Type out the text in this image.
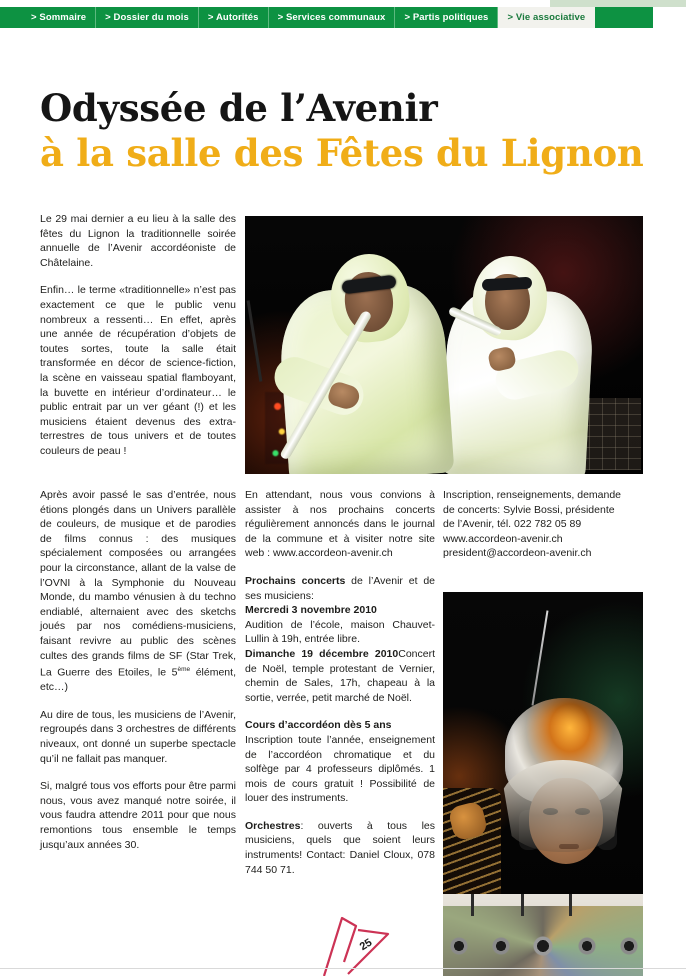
> Sommaire	> Dossier du mois	> Autorités	> Services communaux	> Partis politiques	> Vie associative
Odyssée de l’Avenir
à la salle des Fêtes du Lignon

Le 29 mai dernier a eu lieu à la salle des fêtes du Lignon la traditionnelle soirée annuelle de l’Avenir accordéoniste de Châtelaine.

Enfin… le terme «traditionnelle» n’est pas exactement ce que le public venu nombreux a ressenti… En effet, après une année de récupération d’objets de toutes sortes, toute la salle était transformée en décor de science-fiction, la scène en vaisseau spatial flamboyant, la buvette en intérieur d’ordinateur… le public entrait par un ver géant (!) et les musiciens étaient devenus des extra-terrestres de tous univers et de toutes couleurs de peau !

Après avoir passé le sas d’entrée, nous étions plongés dans un Univers parallèle de couleurs, de musique et de parodies de films connus : des musiques spécialement composées ou arrangées pour la circonstance, allant de la valse de l’OVNI à la Symphonie du Nouveau Monde, du mambo vénusien à du techno endiablé, alternaient avec des sketchs joués par nos comédiens-musiciens, faisant revivre au public des scènes cultes des grands films de SF (Star Trek, La Guerre des Etoiles, le 5ème élément, etc…)

Au dire de tous, les musiciens de l’Avenir, regroupés dans 3 orchestres de différents niveaux, ont donné un superbe spectacle qu’il ne fallait pas manquer.

Si, malgré tous vos efforts pour être parmi nous, vous avez manqué notre soirée, il vous faudra attendre 2011 pour que nous remontions tous ensemble le temps jusqu’aux années 30.

En attendant, nous vous convions à assister à nos prochains concerts régulièrement annoncés dans le journal de la commune et à visiter notre site web : www.accordeon-avenir.ch

Prochains concerts de l’Avenir et de ses musiciens:
Mercredi 3 novembre 2010
Audition de l’école, maison Chauvet-Lullin à 19h, entrée libre.
Dimanche 19 décembre 2010Concert de Noël, temple protestant de Vernier, chemin de Sales, 17h, chapeau à la sortie, verrée, petit marché de Noël.

Cours d’accordéon dès 5 ans
Inscription toute l’année, enseignement de l’accordéon chromatique et du solfège par 4 professeurs diplômés. 1 mois de cours gratuit ! Possibilité de louer des instruments.

Orchestres: ouverts à tous les musiciens, quels que soient leurs instruments! Contact: Daniel Cloux, 078 744 50 71.

Inscription, renseignements, demande

de concerts: Sylvie Bossi, présidente

de l’Avenir, tél. 022 782 05 89

www.accordeon-avenir.ch

president@accordeon-avenir.ch

25
